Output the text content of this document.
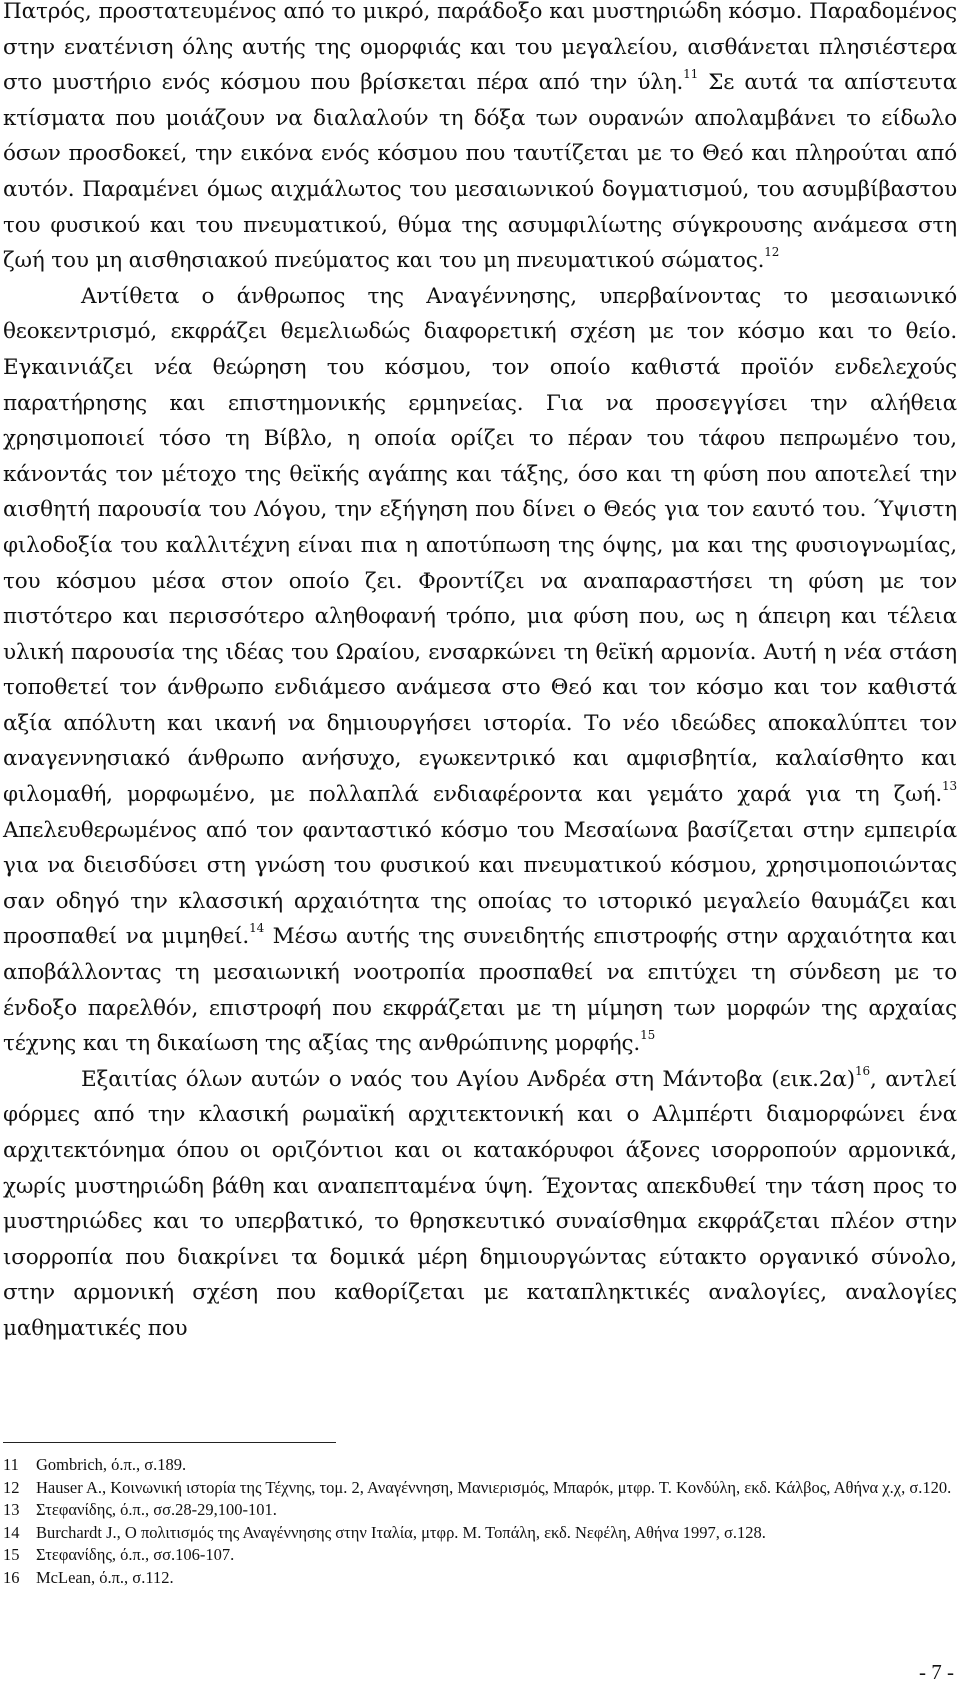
Πατρός, προστατευμένος από το μικρό, παράδοξο και μυστηριώδη κόσμο. Παραδομένος στην ενατένιση όλης αυτής της ομορφιάς και του μεγαλείου, αισθάνεται πλησιέστερα στο μυστήριο ενός κόσμου που βρίσκεται πέρα από την ύλη.$^{11}$ Σε αυτά τα απίστευτα κτίσματα που μοιάζουν να διαλαλούν τη δόξα των ουρανών απολαμβάνει το είδωλο όσων προσδοκεί, την εικόνα ενός κόσμου που ταυτίζεται με το Θεό και πληρούται από αυτόν. Παραμένει όμως αιχμάλωτος του μεσαιωνικού δογματισμού, του ασυμβίβαστου του φυσικού και του πνευματικού, θύμα της ασυμφιλίωτης σύγκρουσης ανάμεσα στη ζωή του μη αισθησιακού πνεύματος και του μη πνευματικού σώματος.$^{12}$

Αντίθετα ο άνθρωπος της Αναγέννησης, υπερβαίνοντας το μεσαιωνικό θεοκεντρισμό, εκφράζει θεμελιωδώς διαφορετική σχέση με τον κόσμο και το θείο. Εγκαινιάζει νέα θεώρηση του κόσμου, τον οποίο καθιστά προϊόν ενδελεχούς παρατήρησης και επιστημονικής ερμηνείας. Για να προσεγγίσει την αλήθεια χρησιμοποιεί τόσο τη Βίβλο, η οποία ορίζει το πέραν του τάφου πεπρωμένο του, κάνοντάς τον μέτοχο της θεϊκής αγάπης και τάξης, όσο και τη φύση που αποτελεί την αισθητή παρουσία του Λόγου, την εξήγηση που δίνει ο Θεός για τον εαυτό του. Ύψιστη φιλοδοξία του καλλιτέχνη είναι πια η αποτύπωση της όψης, μα και της φυσιογνωμίας, του κόσμου μέσα στον οποίο ζει. Φροντίζει να αναπαραστήσει τη φύση με τον πιστότερο και περισσότερο αληθοφανή τρόπο, μια φύση που, ως η άπειρη και τέλεια υλική παρουσία της ιδέας του Ωραίου, ενσαρκώνει τη θεϊκή αρμονία. Αυτή η νέα στάση τοποθετεί τον άνθρωπο ενδιάμεσο ανάμεσα στο Θεό και τον κόσμο και τον καθιστά αξία απόλυτη και ικανή να δημιουργήσει ιστορία. Το νέο ιδεώδες αποκαλύπτει τον αναγεννησιακό άνθρωπο ανήσυχο, εγωκεντρικό και αμφισβητία, καλαίσθητο και φιλομαθή, μορφωμένο, με πολλαπλά ενδιαφέροντα και γεμάτο χαρά για τη ζωή.$^{13}$ Απελευθερωμένος από τον φανταστικό κόσμο του Μεσαίωνα βασίζεται στην εμπειρία για να διεισδύσει στη γνώση του φυσικού και πνευματικού κόσμου, χρησιμοποιώντας σαν οδηγό την κλασσική αρχαιότητα της οποίας το ιστορικό μεγαλείο θαυμάζει και προσπαθεί να μιμηθεί.$^{14}$ Μέσω αυτής της συνειδητής επιστροφής στην αρχαιότητα και αποβάλλοντας τη μεσαιωνική νοοτροπία προσπαθεί να επιτύχει τη σύνδεση με το ένδοξο παρελθόν, επιστροφή που εκφράζεται με τη μίμηση των μορφών της αρχαίας τέχνης και τη δικαίωση της αξίας της ανθρώπινης μορφής.$^{15}$

Εξαιτίας όλων αυτών ο ναός του Αγίου Ανδρέα στη Μάντοβα (εικ.2α)$^{16}$, αντλεί φόρμες από την κλασική ρωμαϊκή αρχιτεκτονική και ο Αλμπέρτι διαμορφώνει ένα αρχιτεκτόνημα όπου οι οριζόντιοι και οι κατακόρυφοι άξονες ισορροπούν αρμονικά, χωρίς μυστηριώδη βάθη και αναπεπταμένα ύψη. Έχοντας απεκδυθεί την τάση προς το μυστηριώδες και το υπερβατικό, το θρησκευτικό συναίσθημα εκφράζεται πλέον στην ισορροπία που διακρίνει τα δομικά μέρη δημιουργώντας εύτακτο οργανικό σύνολο, στην αρμονική σχέση που καθορίζεται με καταπληκτικές αναλογίες, αναλογίες μαθηματικές που

11	Gombrich, ό.π., σ.189.
12	Hauser A., Κοινωνική ιστορία της Τέχνης, τομ. 2, Αναγέννηση, Μανιερισμός, Μπαρόκ, μτφρ. Τ. Κονδύλη, εκδ. Κάλβος, Αθήνα χ.χ, σ.120.
13	Στεφανίδης, ό.π., σσ.28-29,100-101.
14	Burchardt J., Ο πολιτισμός της Αναγέννησης στην Ιταλία, μτφρ. Μ. Τοπάλη, εκδ. Νεφέλη, Αθήνα 1997, σ.128.
15	Στεφανίδης, ό.π., σσ.106-107.
16	McLean, ό.π., σ.112.
- 7 -
